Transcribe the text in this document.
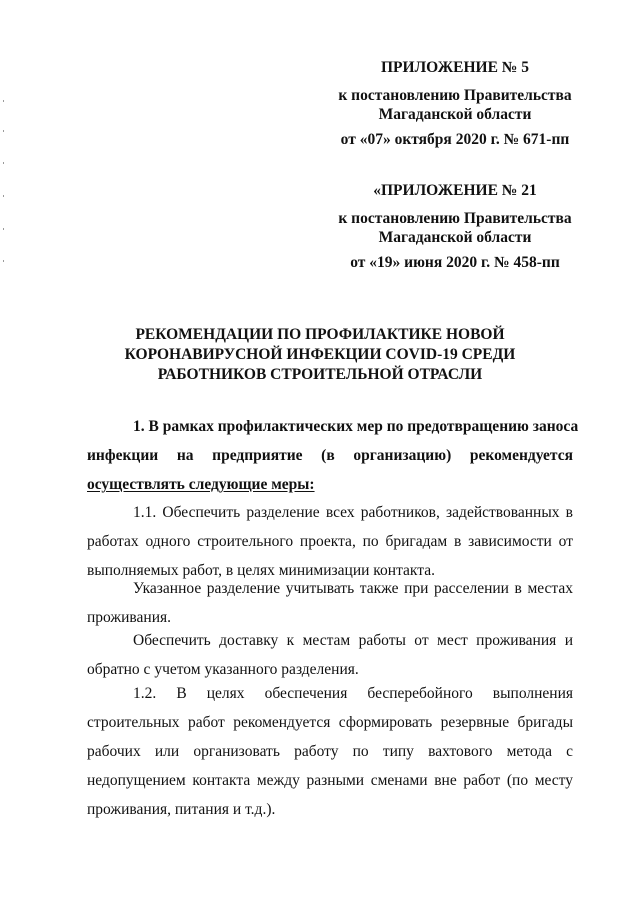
ПРИЛОЖЕНИЕ № 5
к постановлению Правительства
Магаданской области
от «07» октября 2020 г. № 671-пп
«ПРИЛОЖЕНИЕ № 21
к постановлению Правительства
Магаданской области
от «19» июня 2020 г. № 458-пп
РЕКОМЕНДАЦИИ ПО ПРОФИЛАКТИКЕ НОВОЙ
КОРОНАВИРУСНОЙ ИНФЕКЦИИ COVID-19 СРЕДИ
РАБОТНИКОВ СТРОИТЕЛЬНОЙ ОТРАСЛИ
1. В рамках профилактических мер по предотвращению заноса
инфекции на предприятие (в организацию) рекомендуется
осуществлять следующие меры:
1.1. Обеспечить разделение всех работников, задействованных в
работах одного строительного проекта, по бригадам в зависимости от
выполняемых работ, в целях минимизации контакта.
Указанное разделение учитывать также при расселении в местах
проживания.
Обеспечить доставку к местам работы от мест проживания и
обратно с учетом указанного разделения.
1.2. В целях обеспечения бесперебойного выполнения
строительных работ рекомендуется сформировать резервные бригады
рабочих или организовать работу по типу вахтового метода с
недопущением контакта между разными сменами вне работ (по месту
проживания, питания и т.д.).
